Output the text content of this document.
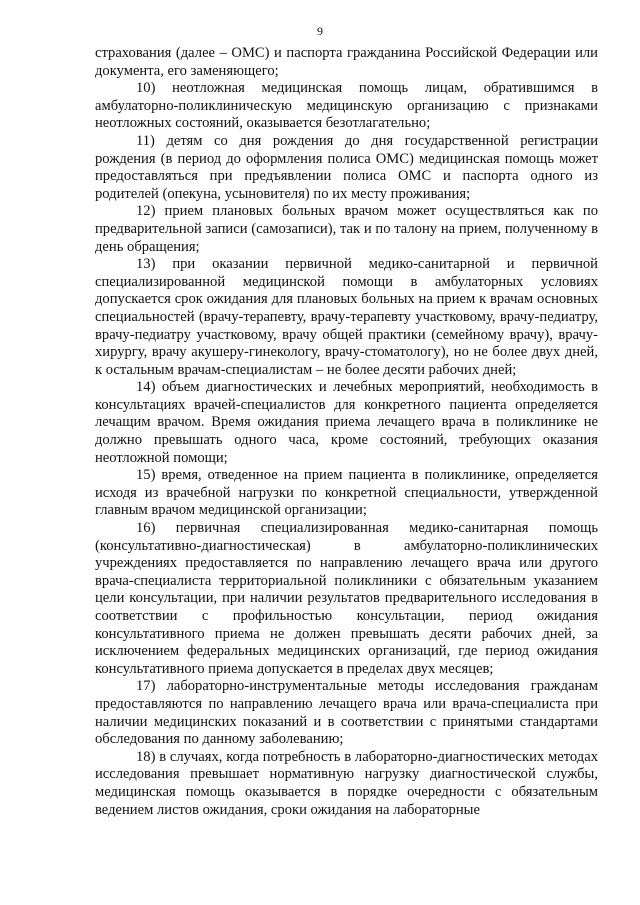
9

страхования (далее – ОМС) и паспорта гражданина Российской Федерации или документа, его заменяющего;

10) неотложная медицинская помощь лицам, обратившимся в амбулаторно-поликлиническую медицинскую организацию с признаками неотложных состояний, оказывается безотлагательно;

11) детям со дня рождения до дня государственной регистрации рождения (в период до оформления полиса ОМС) медицинская помощь может предоставляться при предъявлении полиса ОМС и паспорта одного из родителей (опекуна, усыновителя) по их месту проживания;

12) прием плановых больных врачом может осуществляться как по предварительной записи (самозаписи), так и по талону на прием, полученному в день обращения;

13) при оказании первичной медико-санитарной и первичной специализированной медицинской помощи в амбулаторных условиях допускается срок ожидания для плановых больных на прием к врачам основных специальностей (врачу-терапевту, врачу-терапевту участковому, врачу-педиатру, врачу-педиатру участковому, врачу общей практики (семейному врачу), врачу-хирургу, врачу акушеру-гинекологу, врачу-стоматологу), но не более двух дней, к остальным врачам-специалистам – не более десяти рабочих дней;

14) объем диагностических и лечебных мероприятий, необходимость в консультациях врачей-специалистов для конкретного пациента определяется лечащим врачом. Время ожидания приема лечащего врача в поликлинике не должно превышать одного часа, кроме состояний, требующих оказания неотложной помощи;

15) время, отведенное на прием пациента в поликлинике, определяется исходя из врачебной нагрузки по конкретной специальности, утвержденной главным врачом медицинской организации;

16) первичная специализированная медико-санитарная помощь (консультативно-диагностическая) в амбулаторно-поликлинических учреждениях предоставляется по направлению лечащего врача или другого врача-специалиста территориальной поликлиники с обязательным указанием цели консультации, при наличии результатов предварительного исследования в соответствии с профильностью консультации, период ожидания консультативного приема не должен превышать десяти рабочих дней, за исключением федеральных медицинских организаций, где период ожидания консультативного приема допускается в пределах двух месяцев;

17) лабораторно-инструментальные методы исследования гражданам предоставляются по направлению лечащего врача или врача-специалиста при наличии медицинских показаний и в соответствии с принятыми стандартами обследования по данному заболеванию;

18) в случаях, когда потребность в лабораторно-диагностических методах исследования превышает нормативную нагрузку диагностической службы, медицинская помощь оказывается в порядке очередности с обязательным ведением листов ожидания, сроки ожидания на лабораторные
